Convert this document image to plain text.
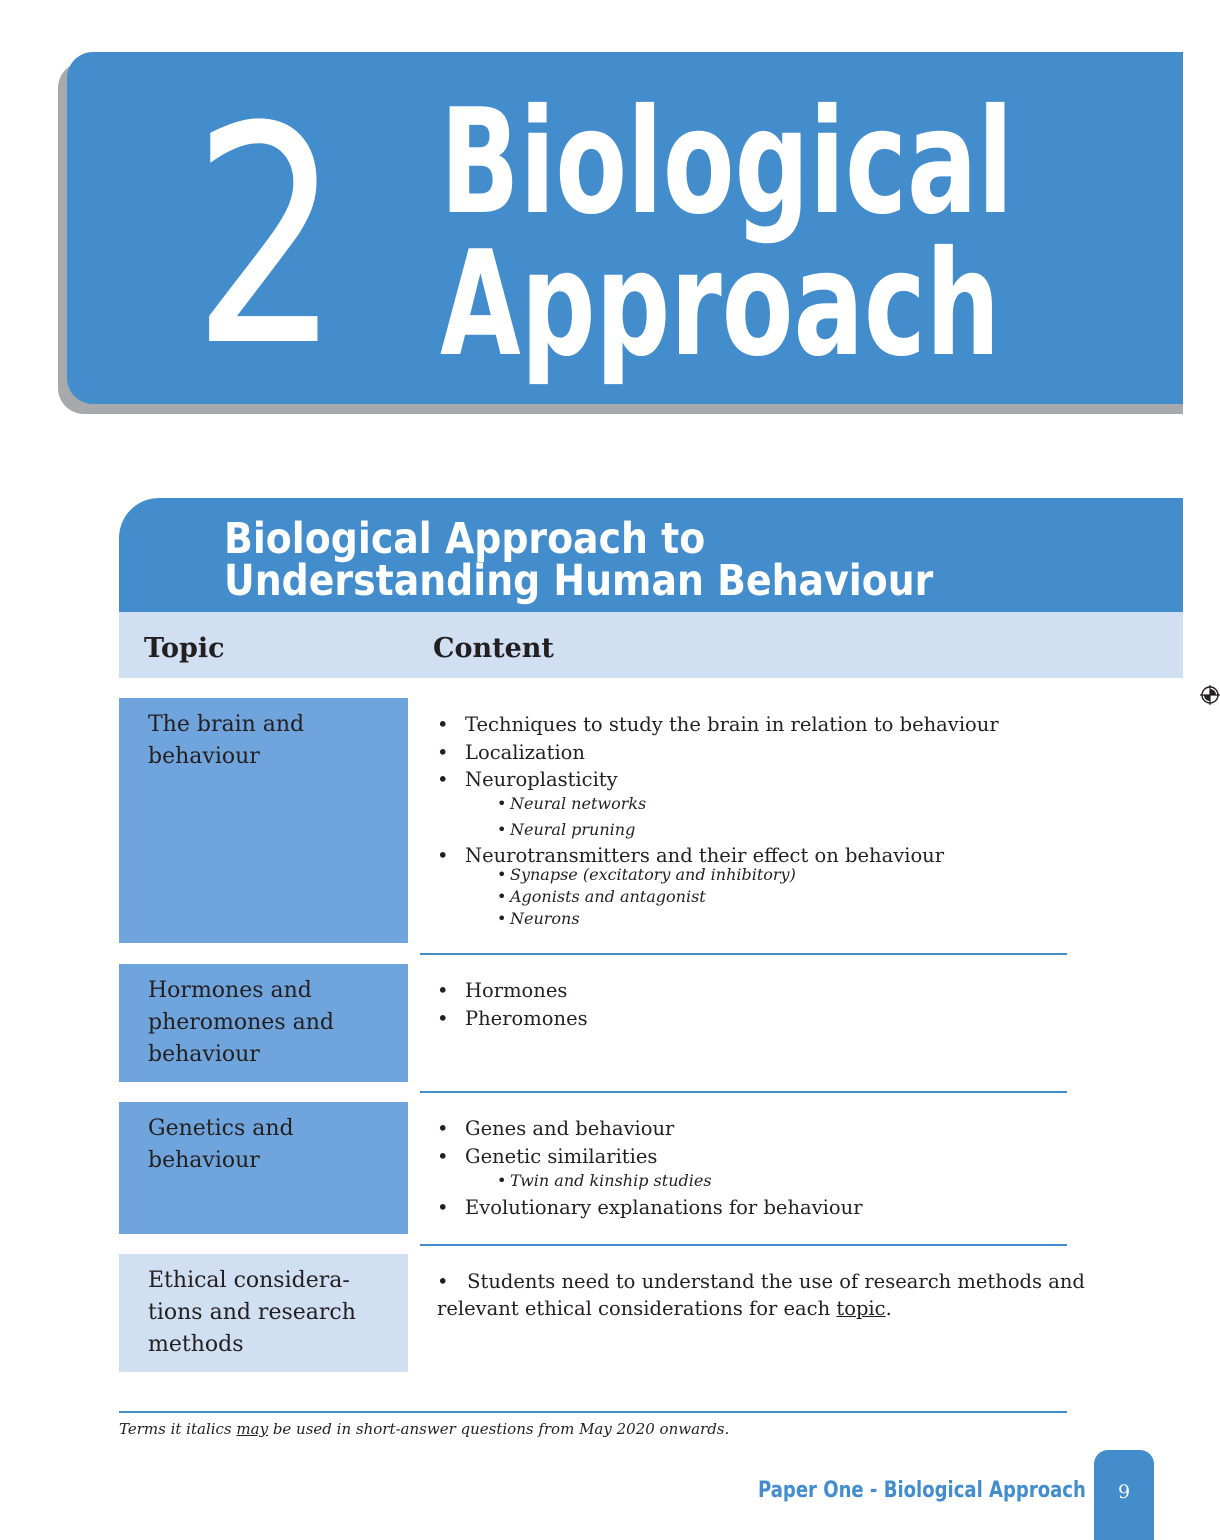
2 Biological
Approach
Biological Approach to
Understanding Human Behaviour
Topic	Content
The brain and
behaviour
• Techniques to study the brain in relation to behaviour
• Localization
• Neuroplasticity
• Neural networks
• Neural pruning
• Neurotransmitters and their effect on behaviour
• Synapse (excitatory and inhibitory)
• Agonists and antagonist
• Neurons
Hormones and
pheromones and
behaviour
• Hormones
• Pheromones
Genetics and
behaviour
• Genes and behaviour
• Genetic similarities
• Twin and kinship studies
• Evolutionary explanations for behaviour
Ethical considera-
tions and research
methods
• Students need to understand the use of research methods and
relevant ethical considerations for each topic.
Terms it italics may be used in short-answer questions from May 2020 onwards.
Paper One - Biological Approach	9
